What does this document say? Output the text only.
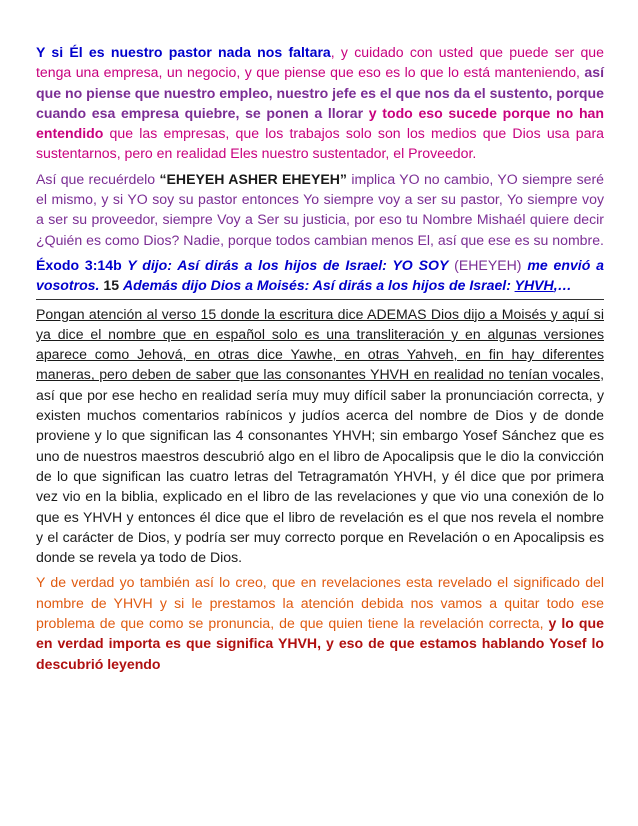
Y si Él es nuestro pastor nada nos faltara, y cuidado con usted que puede ser que tenga una empresa, un negocio, y que piense que eso es lo que lo está manteniendo, así que no piense que nuestro empleo, nuestro jefe es el que nos da el sustento, porque cuando esa empresa quiebre, se ponen a llorar y todo eso sucede porque no han entendido que las empresas, que los trabajos solo son los medios que Dios usa para sustentarnos, pero en realidad Eles nuestro sustentador, el Proveedor.

Así que recuérdelo “EHEYEH ASHER EHEYEH” implica YO no cambio, YO siempre seré el mismo, y si YO soy su pastor entonces Yo siempre voy a ser su pastor, Yo siempre voy a ser su proveedor, siempre Voy a Ser su justicia, por eso tu Nombre Mishaél quiere decir ¿Quién es como Dios? Nadie, porque todos cambian menos El, así que ese es su nombre.

Éxodo 3:14b Y dijo: Así dirás a los hijos de Israel: YO SOY (EHEYEH) me envió a vosotros. 15 Además dijo Dios a Moisés: Así dirás a los hijos de Israel: YHVH,…

Pongan atención al verso 15 donde la escritura dice ADEMAS Dios dijo a Moisés y aquí si ya dice el nombre que en español solo es una transliteración y en algunas versiones aparece como Jehová, en otras dice Yawhe, en otras Yahveh, en fin hay diferentes maneras, pero deben de saber que las consonantes YHVH en realidad no tenían vocales, así que por ese hecho en realidad sería muy muy difícil saber la pronunciación correcta, y existen muchos comentarios rabínicos y judíos acerca del nombre de Dios y de donde proviene y lo que significan las 4 consonantes YHVH; sin embargo Yosef Sánchez que es uno de nuestros maestros descubrió algo en el libro de Apocalipsis que le dio la convicción de lo que significan las cuatro letras del Tetragramatón YHVH, y él dice que por primera vez vio en la biblia, explicado en el libro de las revelaciones y que vio una conexión de lo que es YHVH y entonces él dice que el libro de revelación es el que nos revela el nombre y el carácter de Dios, y podría ser muy correcto porque en Revelación o en Apocalipsis es donde se revela ya todo de Dios.

Y de verdad yo también así lo creo, que en revelaciones esta revelado el significado del nombre de YHVH y si le prestamos la atención debida nos vamos a quitar todo ese problema de que como se pronuncia, de que quien tiene la revelación correcta, y lo que en verdad importa es que significa YHVH, y eso de que estamos hablando Yosef lo descubrió leyendo
